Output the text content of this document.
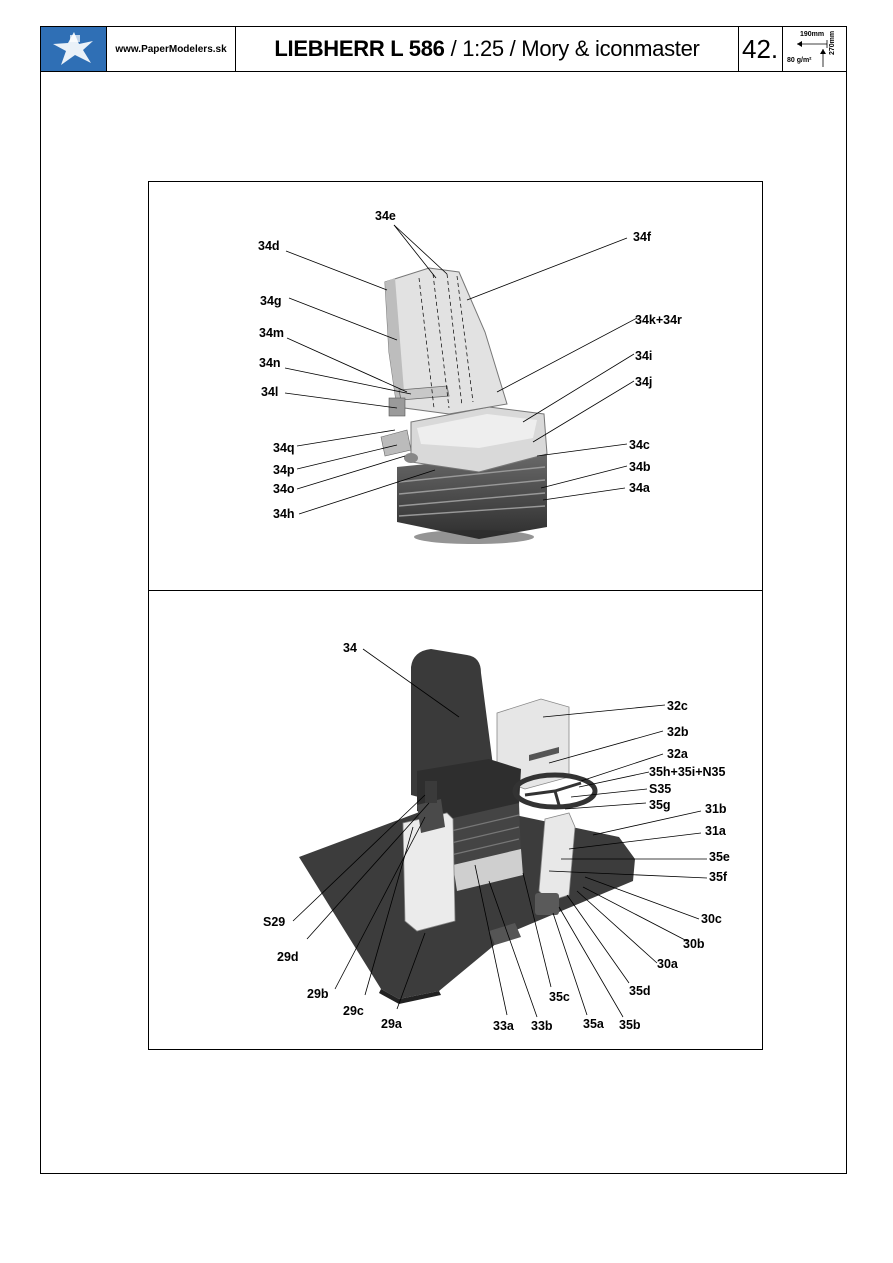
www.PaperModelers.sk	LIEBHERR L 586 / 1:25 / Mory & iconmaster 42.	190mm
80 g/m²
270mm
34e
34d
34f
34g
34k+34r
34m
34i
34n
34j
34l
34q	34c
34p	34b
34o	34a
34h
34
32c
32b
32a
35h+35i+N35
S35
35g	31b
31a
35e
35f
S29	30c
29d
30b
30a
29b	35d
29c
35c
29a	33a 33b 35a 35b
